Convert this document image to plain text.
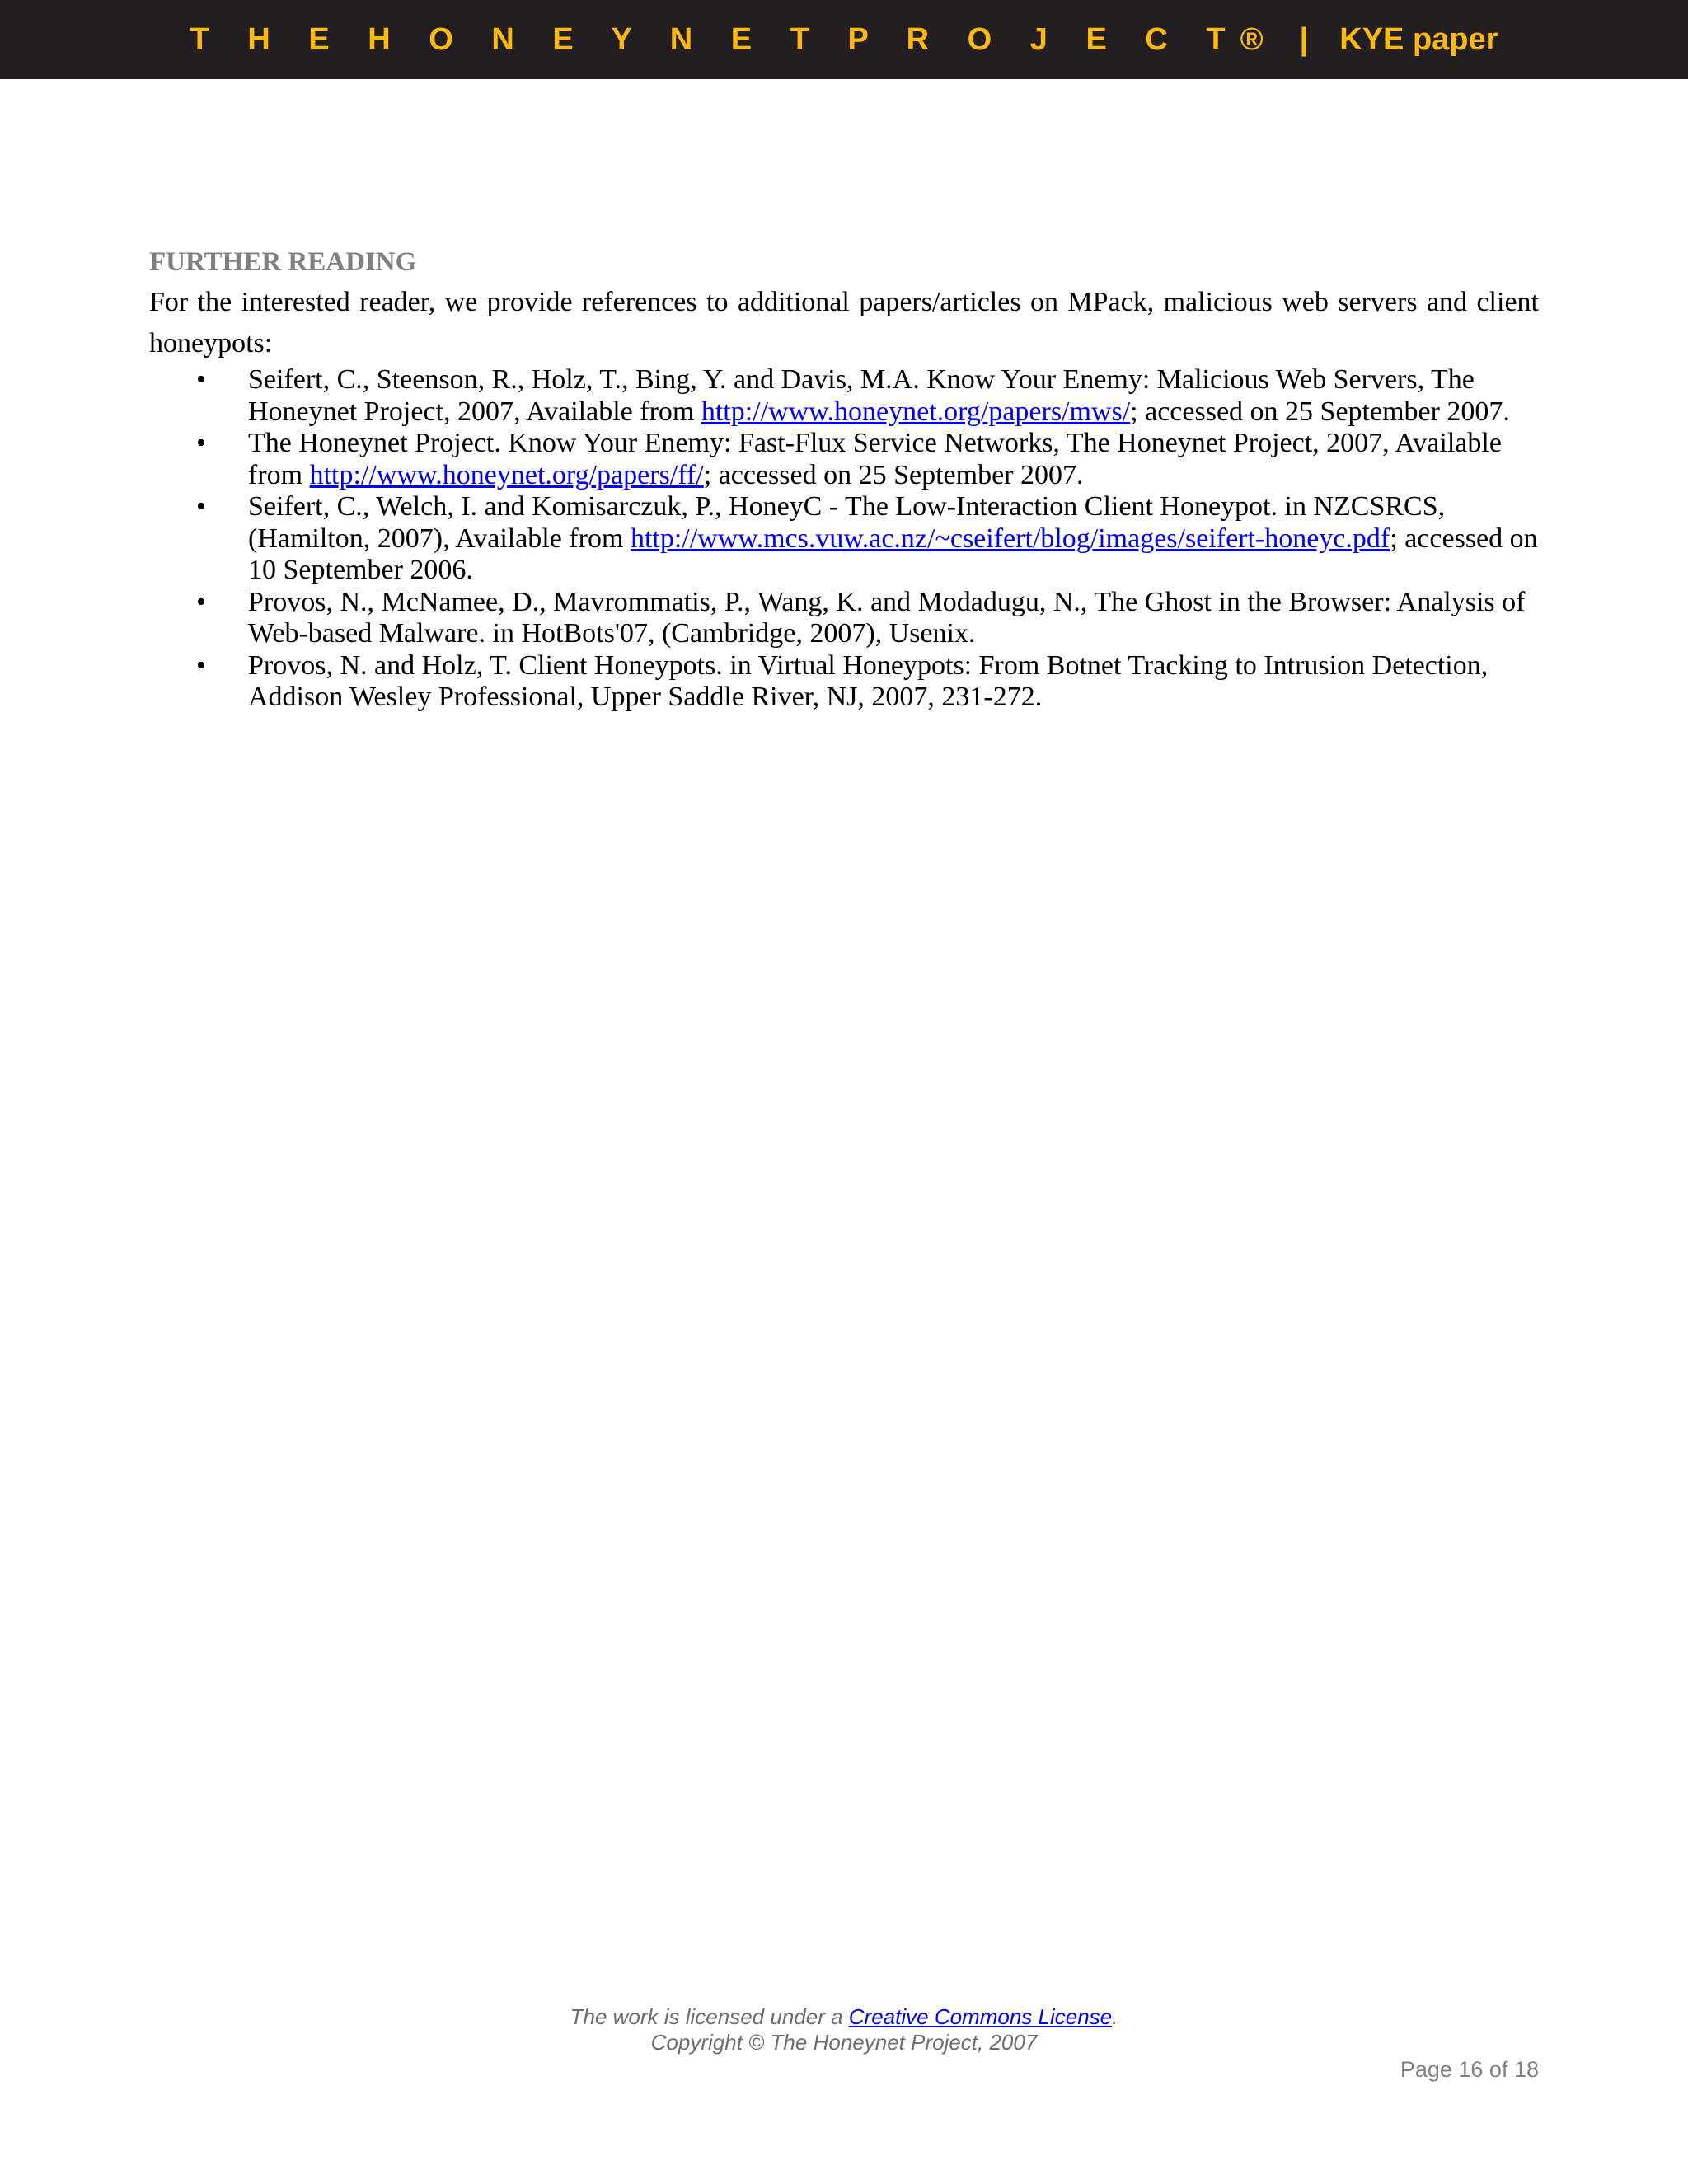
T H E H O N E Y N E T P R O J E C T® | KYE paper
FURTHER READING

For the interested reader, we provide references to additional papers/articles on MPack, malicious web servers and client honeypots:

• Seifert, C., Steenson, R., Holz, T., Bing, Y. and Davis, M.A. Know Your Enemy: Malicious Web Servers, The Honeynet Project, 2007, Available from http://www.honeynet.org/papers/mws/; accessed on 25 September 2007.
• The Honeynet Project. Know Your Enemy: Fast-Flux Service Networks, The Honeynet Project, 2007, Available from http://www.honeynet.org/papers/ff/; accessed on 25 September 2007.
• Seifert, C., Welch, I. and Komisarczuk, P., HoneyC - The Low-Interaction Client Honeypot. in NZCSRCS, (Hamilton, 2007), Available from http://www.mcs.vuw.ac.nz/~cseifert/blog/images/seifert-honeyc.pdf; accessed on 10 September 2006.
• Provos, N., McNamee, D., Mavrommatis, P., Wang, K. and Modadugu, N., The Ghost in the Browser: Analysis of Web-based Malware. in HotBots'07, (Cambridge, 2007), Usenix.
• Provos, N. and Holz, T. Client Honeypots. in Virtual Honeypots: From Botnet Tracking to Intrusion Detection, Addison Wesley Professional, Upper Saddle River, NJ, 2007, 231-272.
The work is licensed under a Creative Commons License.
Copyright © The Honeynet Project, 2007
Page 16 of 18
